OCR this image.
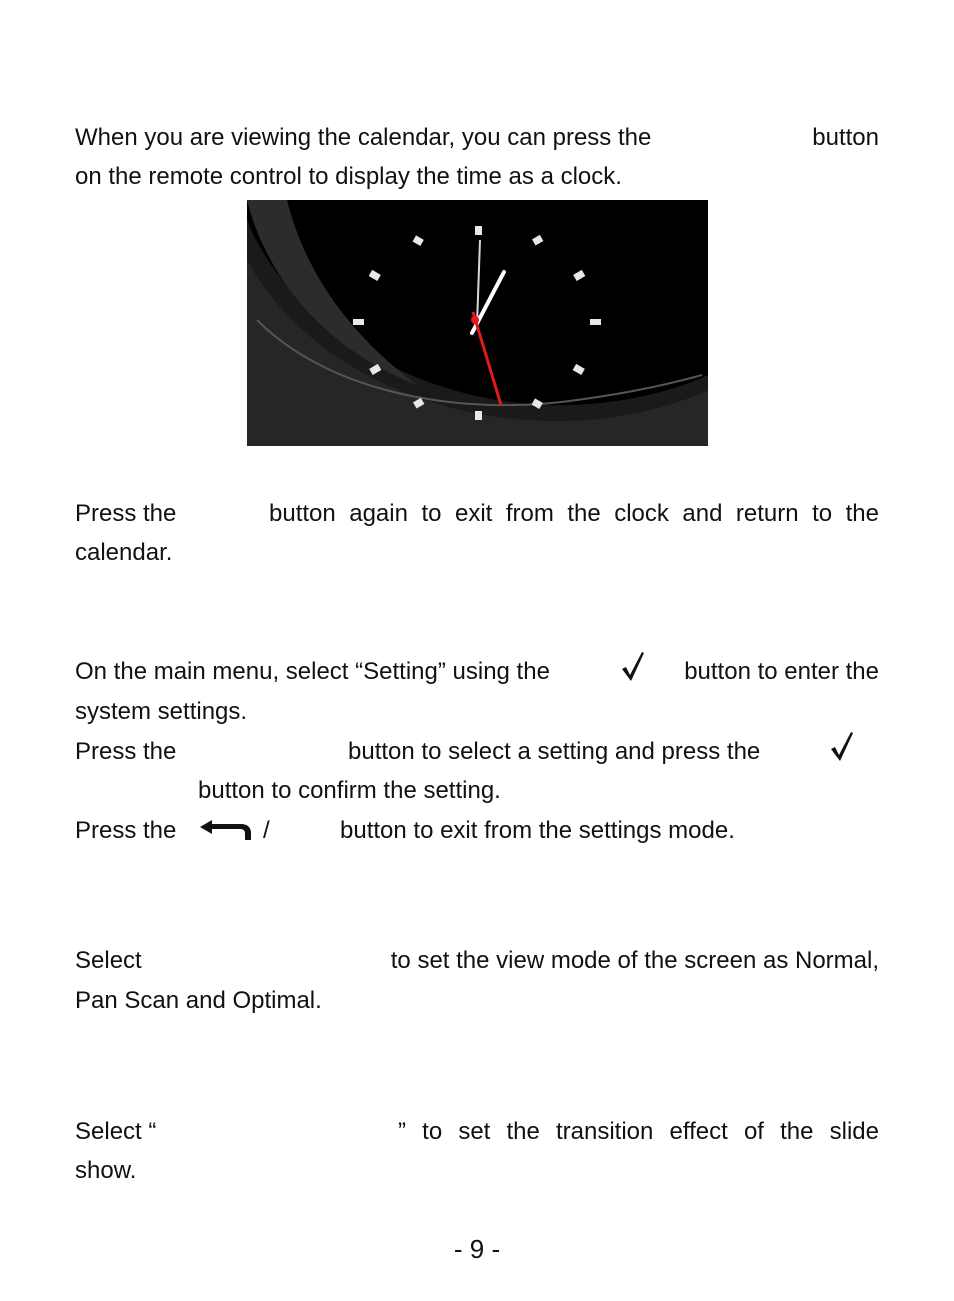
When you are viewing the calendar, you can press the	button
on the remote control to display the time as a clock.
Press the	button again to exit from the clock and return to the
calendar.
On the main menu, select “Setting” using the	button to enter the
system settings.
Press the	button to select a setting and press the
button to confirm the setting.
Press the	/	button to exit from the settings mode.
Select	to set the view mode of the screen as Normal,
Pan Scan and Optimal.
Select “	” to set the transition effect of the slide
show.
- 9 -
